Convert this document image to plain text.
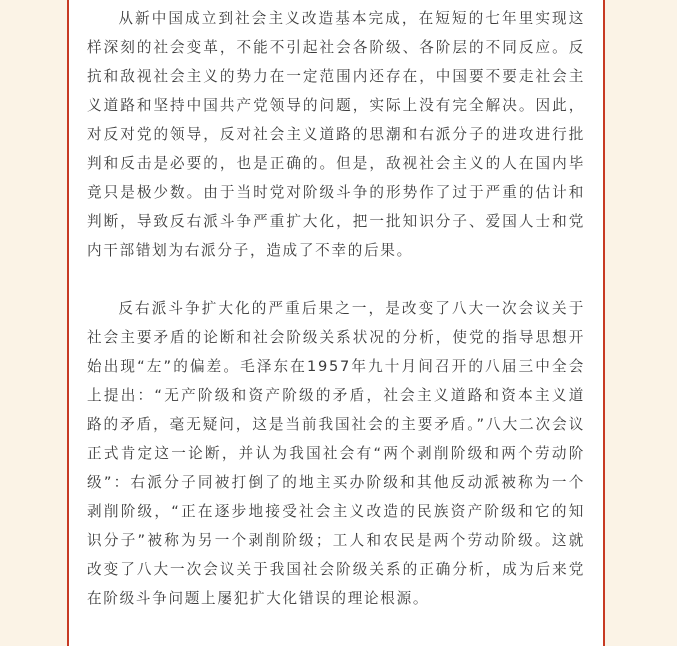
从新中国成立到社会主义改造基本完成，在短短的七年里实现这样深刻的社会变革，不能不引起社会各阶级、各阶层的不同反应。反抗和敌视社会主义的势力在一定范围内还存在，中国要不要走社会主义道路和坚持中国共产党领导的问题，实际上没有完全解决。因此，对反对党的领导，反对社会主义道路的思潮和右派分子的进攻进行批判和反击是必要的，也是正确的。但是，敌视社会主义的人在国内毕竟只是极少数。由于当时党对阶级斗争的形势作了过于严重的估计和判断，导致反右派斗争严重扩大化，把一批知识分子、爱国人士和党内干部错划为右派分子，造成了不幸的后果。

反右派斗争扩大化的严重后果之一，是改变了八大一次会议关于社会主要矛盾的论断和社会阶级关系状况的分析，使党的指导思想开始出现“左”的偏差。毛泽东在1957年九十月间召开的八届三中全会上提出：“无产阶级和资产阶级的矛盾，社会主义道路和资本主义道路的矛盾，毫无疑问，这是当前我国社会的主要矛盾。”八大二次会议正式肯定这一论断，并认为我国社会有“两个剥削阶级和两个劳动阶级”：右派分子同被打倒了的地主买办阶级和其他反动派被称为一个剥削阶级，“正在逐步地接受社会主义改造的民族资产阶级和它的知识分子”被称为另一个剥削阶级；工人和农民是两个劳动阶级。这就改变了八大一次会议关于我国社会阶级关系的正确分析，成为后来党在阶级斗争问题上屡犯扩大化错误的理论根源。
